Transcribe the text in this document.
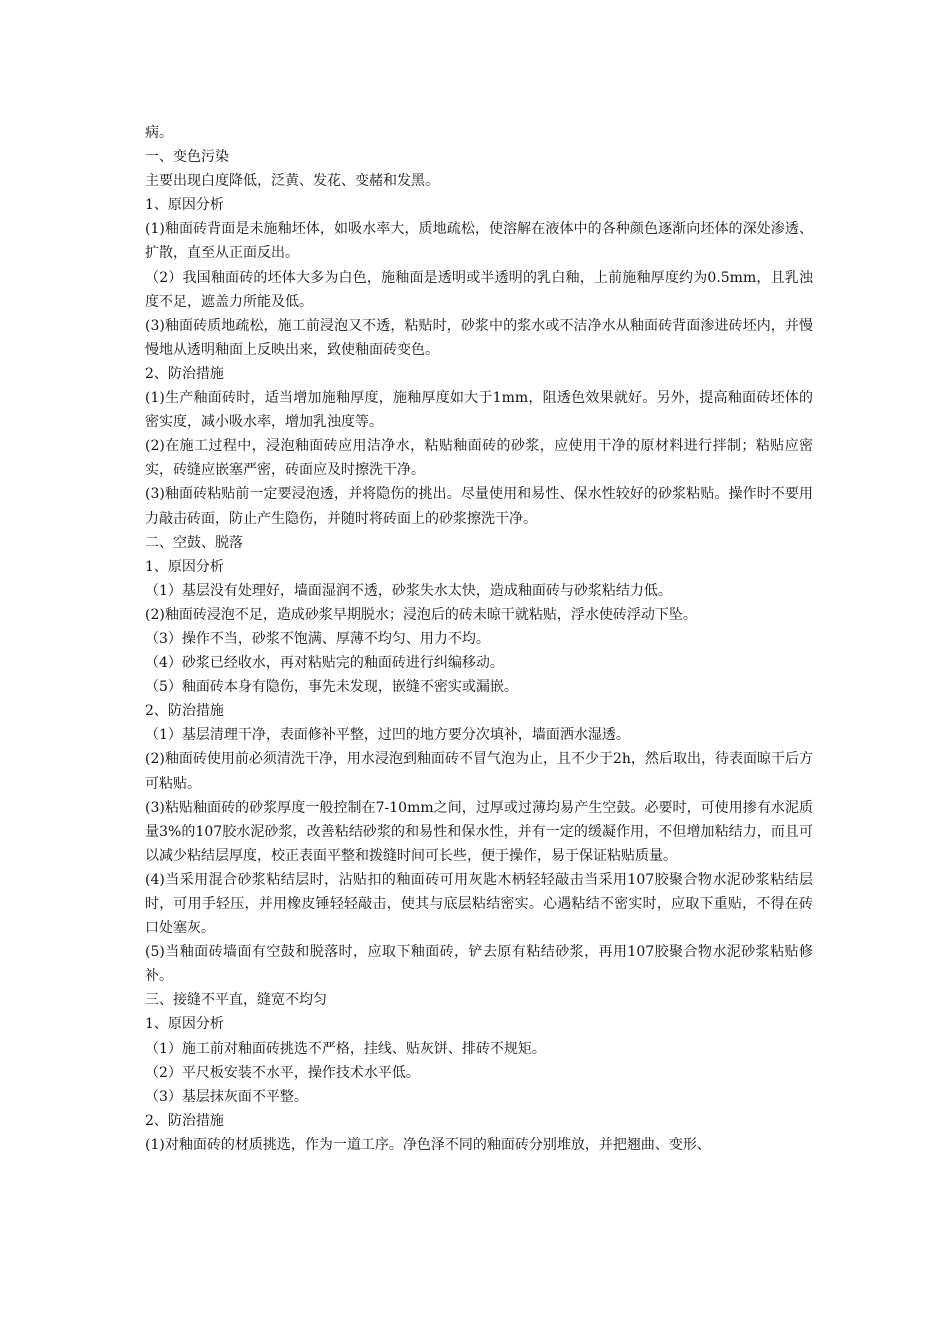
病。

一、变色污染

主要出现白度降低，泛黄、发花、变赭和发黑。

1、原因分析

(1)釉面砖背面是未施釉坯体，如吸水率大，质地疏松，使溶解在液体中的各种颜色逐渐向坯体的深处渗透、扩散，直至从正面反出。

（2）我国釉面砖的坯体大多为白色，施釉面是透明或半透明的乳白釉，上前施釉厚度约为0.5mm，且乳浊度不足，遮盖力所能及低。

(3)釉面砖质地疏松，施工前浸泡又不透，粘贴时，砂浆中的浆水或不洁净水从釉面砖背面渗进砖坯内，并慢慢地从透明釉面上反映出来，致使釉面砖变色。

2、防治措施

(1)生产釉面砖时，适当增加施釉厚度，施釉厚度如大于1mm，阻透色效果就好。另外，提高釉面砖坯体的密实度，减小吸水率，增加乳浊度等。

(2)在施工过程中，浸泡釉面砖应用洁净水，粘贴釉面砖的砂浆，应使用干净的原材料进行拌制；粘贴应密实，砖缝应嵌塞严密，砖面应及时擦洗干净。

(3)釉面砖粘贴前一定要浸泡透，并将隐伤的挑出。尽量使用和易性、保水性较好的砂浆粘贴。操作时不要用力敲击砖面，防止产生隐伤，并随时将砖面上的砂浆擦洗干净。

二、空鼓、脱落

1、原因分析

（1）基层没有处理好，墙面湿润不透，砂浆失水太快，造成釉面砖与砂浆粘结力低。

(2)釉面砖浸泡不足，造成砂浆早期脱水；浸泡后的砖未晾干就粘贴，浮水使砖浮动下坠。

（3）操作不当，砂浆不饱满、厚薄不均匀、用力不均。

（4）砂浆已经收水，再对粘贴完的釉面砖进行纠编移动。

（5）釉面砖本身有隐伤，事先未发现，嵌缝不密实或漏嵌。

2、防治措施

（1）基层清理干净，表面修补平整，过凹的地方要分次填补，墙面洒水湿透。

(2)釉面砖使用前必须清洗干净，用水浸泡到釉面砖不冒气泡为止，且不少于2h，然后取出，待表面晾干后方可粘贴。

(3)粘贴釉面砖的砂浆厚度一般控制在7-10mm之间，过厚或过薄均易产生空鼓。必要时，可使用掺有水泥质量3%的107胶水泥砂浆，改善粘结砂浆的和易性和保水性，并有一定的缓凝作用，不但增加粘结力，而且可以减少粘结层厚度，校正表面平整和拨缝时间可长些，便于操作，易于保证粘贴质量。

(4)当采用混合砂浆粘结层时，沾贴扣的釉面砖可用灰匙木柄轻轻敲击当采用107胶聚合物水泥砂浆粘结层时，可用手轻压，并用橡皮锤轻轻敲击，使其与底层粘结密实。心遇粘结不密实时，应取下重贴，不得在砖口处塞灰。

(5)当釉面砖墙面有空鼓和脱落时，应取下釉面砖，铲去原有粘结砂浆，再用107胶聚合物水泥砂浆粘贴修补。

三、接缝不平直，缝宽不均匀

1、原因分析

（1）施工前对釉面砖挑选不严格，挂线、贴灰饼、排砖不规矩。

（2）平尺板安装不水平，操作技术水平低。

（3）基层抹灰面不平整。

2、防治措施

(1)对釉面砖的材质挑选，作为一道工序。净色泽不同的釉面砖分别堆放，并把翘曲、变形、
